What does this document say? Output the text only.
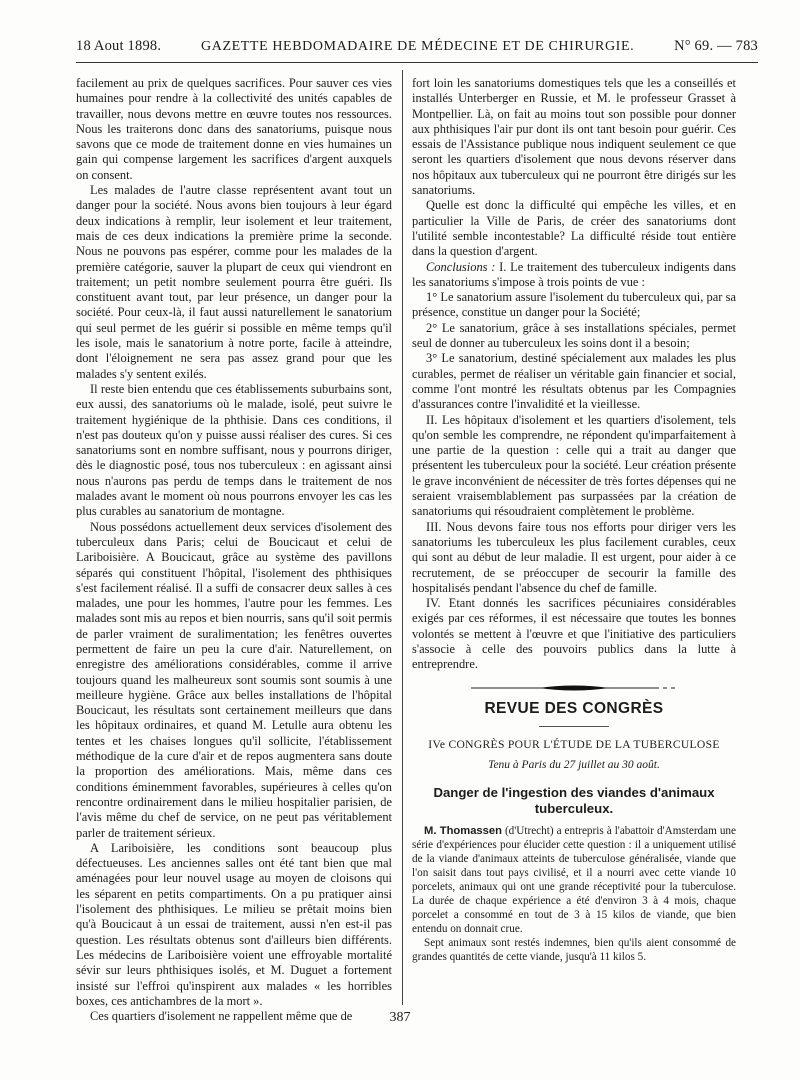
18 Aout 1898.	GAZETTE HEBDOMADAIRE DE MÉDECINE ET DE CHIRURGIE.	N° 69. — 783

facilement au prix de quelques sacrifices. Pour sauver ces vies humaines pour rendre à la collectivité des unités capables de travailler, nous devons mettre en œuvre toutes nos ressources. Nous les traiterons donc dans des sanatoriums, puisque nous savons que ce mode de traitement donne en vies humaines un gain qui compense largement les sacrifices d'argent auxquels on consent.

Les malades de l'autre classe représentent avant tout un danger pour la société. Nous avons bien toujours à leur égard deux indications à remplir, leur isolement et leur traitement, mais de ces deux indications la première prime la seconde. Nous ne pouvons pas espérer, comme pour les malades de la première catégorie, sauver la plupart de ceux qui viendront en traitement; un petit nombre seulement pourra être guéri. Ils constituent avant tout, par leur présence, un danger pour la société. Pour ceux-là, il faut aussi naturellement le sanatorium qui seul permet de les guérir si possible en même temps qu'il les isole, mais le sanatorium à notre porte, facile à atteindre, dont l'éloignement ne sera pas assez grand pour que les malades s'y sentent exilés.

Il reste bien entendu que ces établissements suburbains sont, eux aussi, des sanatoriums où le malade, isolé, peut suivre le traitement hygiénique de la phthisie. Dans ces conditions, il n'est pas douteux qu'on y puisse aussi réaliser des cures. Si ces sanatoriums sont en nombre suffisant, nous y pourrons diriger, dès le diagnostic posé, tous nos tuberculeux : en agissant ainsi nous n'aurons pas perdu de temps dans le traitement de nos malades avant le moment où nous pourrons envoyer les cas les plus curables au sanatorium de montagne.

Nous possédons actuellement deux services d'isolement des tuberculeux dans Paris; celui de Boucicaut et celui de Lariboisière. A Boucicaut, grâce au système des pavillons séparés qui constituent l'hôpital, l'isolement des phthisiques s'est facilement réalisé. Il a suffi de consacrer deux salles à ces malades, une pour les hommes, l'autre pour les femmes. Les malades sont mis au repos et bien nourris, sans qu'il soit permis de parler vraiment de suralimentation; les fenêtres ouvertes permettent de faire un peu la cure d'air. Naturellement, on enregistre des améliorations considérables, comme il arrive toujours quand les malheureux sont soumis sont soumis à une meilleure hygiène. Grâce aux belles installations de l'hôpital Boucicaut, les résultats sont certainement meilleurs que dans les hôpitaux ordinaires, et quand M. Letulle aura obtenu les tentes et les chaises longues qu'il sollicite, l'établissement méthodique de la cure d'air et de repos augmentera sans doute la proportion des améliorations. Mais, même dans ces conditions éminemment favorables, supérieures à celles qu'on rencontre ordinairement dans le milieu hospitalier parisien, de l'avis même du chef de service, on ne peut pas véritablement parler de traitement sérieux.

A Lariboisière, les conditions sont beaucoup plus défectueuses. Les anciennes salles ont été tant bien que mal aménagées pour leur nouvel usage au moyen de cloisons qui les séparent en petits compartiments. On a pu pratiquer ainsi l'isolement des phthisiques. Le milieu se prêtait moins bien qu'à Boucicaut à un essai de traitement, aussi n'en est-il pas question. Les résultats obtenus sont d'ailleurs bien différents. Les médecins de Lariboisière voient une effroyable mortalité sévir sur leurs phthisiques isolés, et M. Duguet a fortement insisté sur l'effroi qu'inspirent aux malades « les horribles boxes, ces antichambres de la mort ».

Ces quartiers d'isolement ne rappellent même que de

fort loin les sanatoriums domestiques tels que les a conseillés et installés Unterberger en Russie, et M. le professeur Grasset à Montpellier. Là, on fait au moins tout son possible pour donner aux phthisiques l'air pur dont ils ont tant besoin pour guérir. Ces essais de l'Assistance publique nous indiquent seulement ce que seront les quartiers d'isolement que nous devons réserver dans nos hôpitaux aux tuberculeux qui ne pourront être dirigés sur les sanatoriums.

Quelle est donc la difficulté qui empêche les villes, et en particulier la Ville de Paris, de créer des sanatoriums dont l'utilité semble incontestable? La difficulté réside tout entière dans la question d'argent.

Conclusions : I. Le traitement des tuberculeux indigents dans les sanatoriums s'impose à trois points de vue :

1° Le sanatorium assure l'isolement du tuberculeux qui, par sa présence, constitue un danger pour la Société;

2° Le sanatorium, grâce à ses installations spéciales, permet seul de donner au tuberculeux les soins dont il a besoin;

3° Le sanatorium, destiné spécialement aux malades les plus curables, permet de réaliser un véritable gain financier et social, comme l'ont montré les résultats obtenus par les Compagnies d'assurances contre l'invalidité et la vieillesse.

II. Les hôpitaux d'isolement et les quartiers d'isolement, tels qu'on semble les comprendre, ne répondent qu'imparfaitement à une partie de la question : celle qui a trait au danger que présentent les tuberculeux pour la société. Leur création présente le grave inconvénient de nécessiter de très fortes dépenses qui ne seraient vraisemblablement pas surpassées par la création de sanatoriums qui résoudraient complètement le problème.

III. Nous devons faire tous nos efforts pour diriger vers les sanatoriums les tuberculeux les plus facilement curables, ceux qui sont au début de leur maladie. Il est urgent, pour aider à ce recrutement, de se préoccuper de secourir la famille des hospitalisés pendant l'absence du chef de famille.

IV. Etant donnés les sacrifices pécuniaires considérables exigés par ces réformes, il est nécessaire que toutes les bonnes volontés se mettent à l'œuvre et que l'initiative des particuliers s'associe à celle des pouvoirs publics dans la lutte à entreprendre.

REVUE DES CONGRÈS
IVe CONGRÈS POUR L'ÉTUDE DE LA TUBERCULOSE
Tenu à Paris du 27 juillet au 30 août.
Danger de l'ingestion des viandes d'animaux tuberculeux.

M. Thomassen (d'Utrecht) a entrepris à l'abattoir d'Amsterdam une série d'expériences pour élucider cette question : il a uniquement utilisé de la viande d'animaux atteints de tuberculose généralisée, viande que l'on saisit dans tout pays civilisé, et il a nourri avec cette viande 10 porcelets, animaux qui ont une grande réceptivité pour la tuberculose. La durée de chaque expérience a été d'environ 3 à 4 mois, chaque porcelet a consommé en tout de 3 à 15 kilos de viande, que bien entendu on donnait crue.

Sept animaux sont restés indemnes, bien qu'ils aient consommé de grandes quantités de cette viande, jusqu'à 11 kilos 5.

387
